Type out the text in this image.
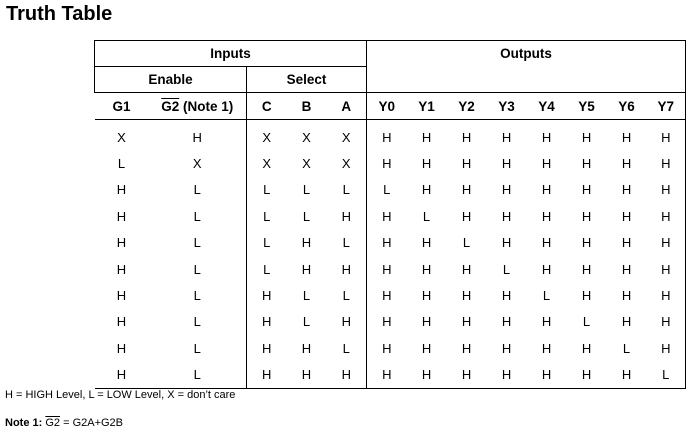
Truth Table
Inputs					Outputs							
Enable		Select										
G1	G2 (Note 1)	C	B	A	Y0	Y1	Y2	Y3	Y4	Y5	Y6	Y7
X	H	X	X	X	H	H	H	H	H	H	H	H
L	X	X	X	X	H	H	H	H	H	H	H	H
H	L	L	L	L	L	H	H	H	H	H	H	H
H	L	L	L	H	H	L	H	H	H	H	H	H
H	L	L	H	L	H	H	L	H	H	H	H	H
H	L	L	H	H	H	H	H	L	H	H	H	H
H	L	H	L	L	H	H	H	H	L	H	H	H
H	L	H	L	H	H	H	H	H	H	L	H	H
H	L	H	H	L	H	H	H	H	H	H	L	H
H	L	H	H	H	H	H	H	H	H	H	H	L
H = HIGH Level, L = LOW Level, X = don’t care
Note 1: G2 = G2A+G2B
